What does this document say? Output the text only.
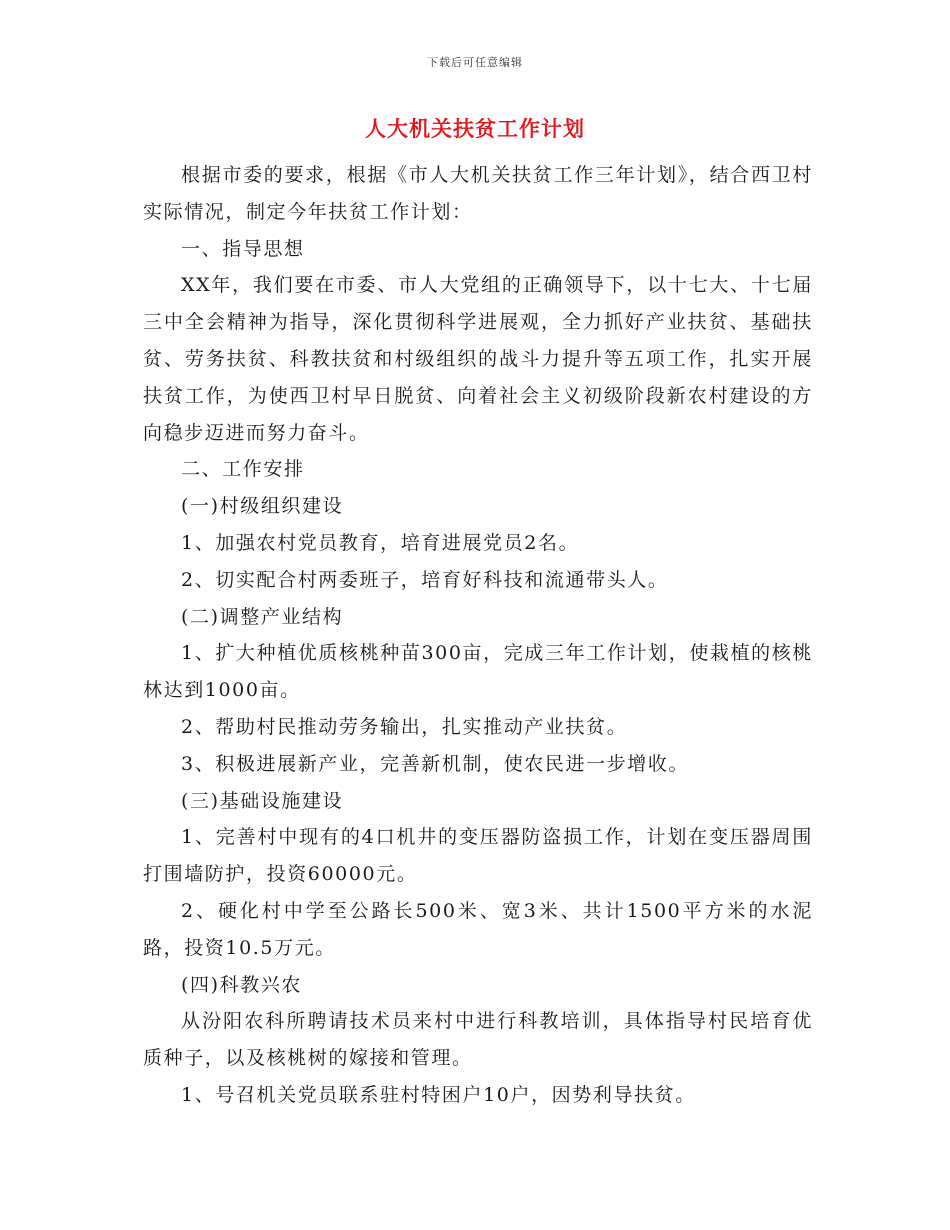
下载后可任意编辑
人大机关扶贫工作计划

根据市委的要求，根据《市人大机关扶贫工作三年计划》，结合西卫村实际情况，制定今年扶贫工作计划：

一、指导思想

XX年，我们要在市委、市人大党组的正确领导下，以十七大、十七届三中全会精神为指导，深化贯彻科学进展观，全力抓好产业扶贫、基础扶贫、劳务扶贫、科教扶贫和村级组织的战斗力提升等五项工作，扎实开展扶贫工作，为使西卫村早日脱贫、向着社会主义初级阶段新农村建设的方向稳步迈进而努力奋斗。

二、工作安排

(一)村级组织建设

1、加强农村党员教育，培育进展党员2名。

2、切实配合村两委班子，培育好科技和流通带头人。

(二)调整产业结构

1、扩大种植优质核桃种苗300亩，完成三年工作计划，使栽植的核桃林达到1000亩。

2、帮助村民推动劳务输出，扎实推动产业扶贫。

3、积极进展新产业，完善新机制，使农民进一步增收。

(三)基础设施建设

1、完善村中现有的4口机井的变压器防盗损工作，计划在变压器周围打围墙防护，投资60000元。

2、硬化村中学至公路长500米、宽3米、共计1500平方米的水泥路，投资10.5万元。

(四)科教兴农

从汾阳农科所聘请技术员来村中进行科教培训，具体指导村民培育优质种子，以及核桃树的嫁接和管理。

1、号召机关党员联系驻村特困户10户，因势利导扶贫。
